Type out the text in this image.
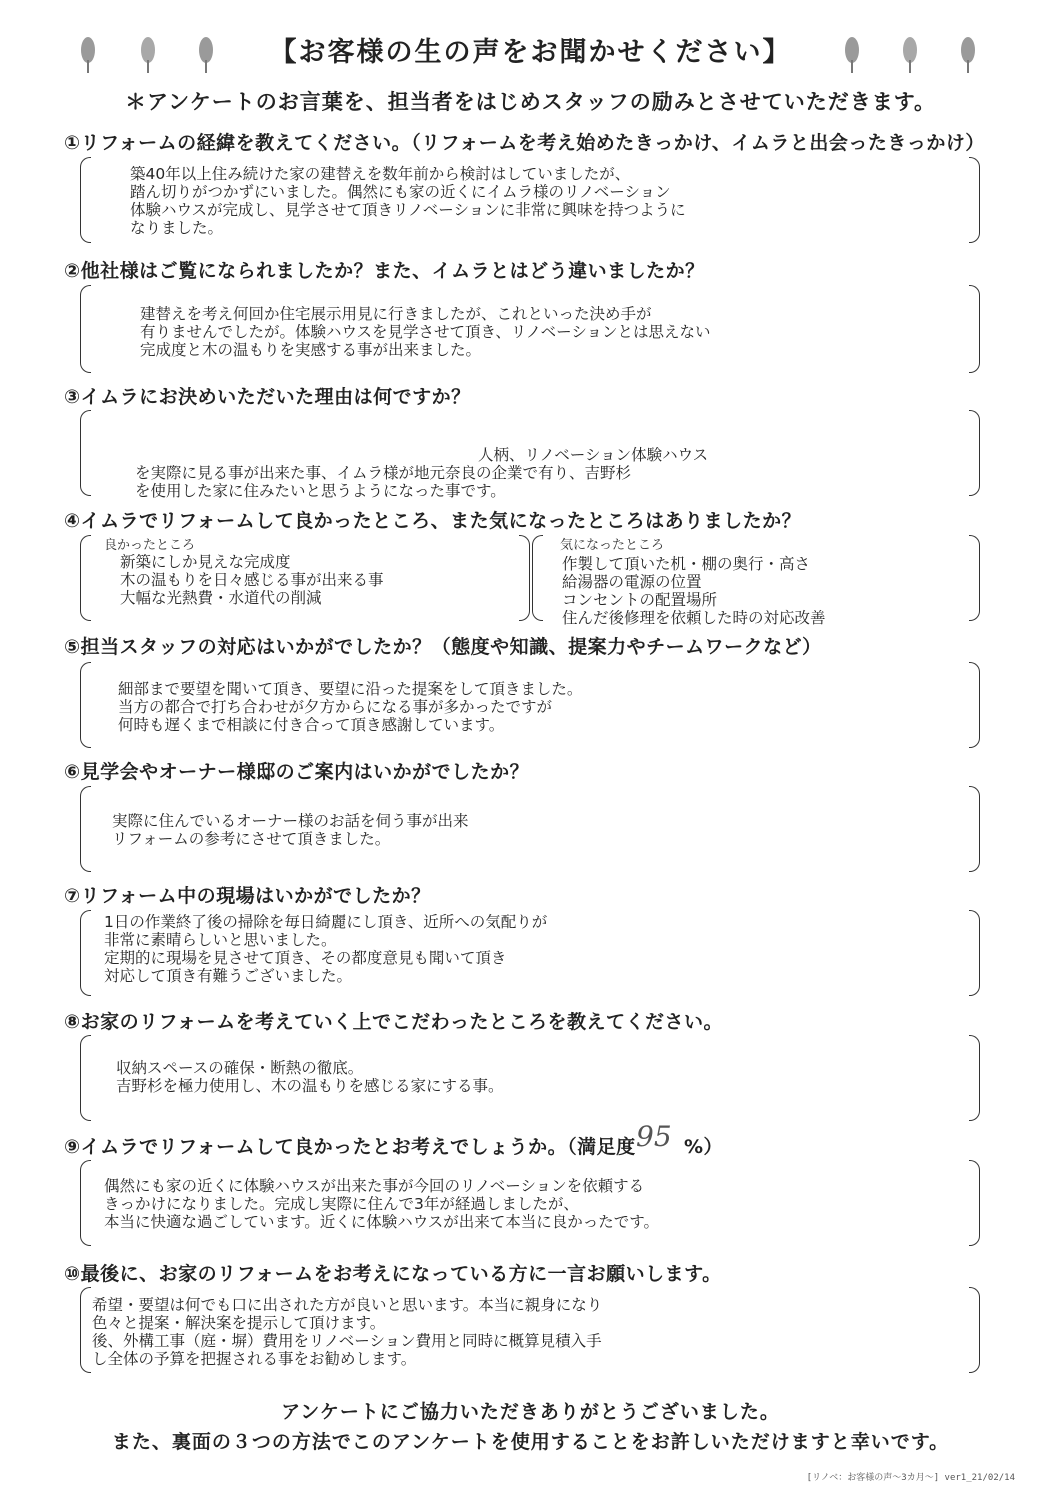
【お客様の生の声をお聞かせください】
＊アンケートのお言葉を、担当者をはじめスタッフの励みとさせていただきます。
①リフォームの経緯を教えてください。（リフォームを考え始めたきっかけ、イムラと出会ったきっかけ）

築40年以上住み続けた家の建替えを数年前から検討はしていましたが、

踏ん切りがつかずにいました。偶然にも家の近くにイムラ様のリノベーション

体験ハウスが完成し、見学させて頂きリノベーションに非常に興味を持つように

なりました。

②他社様はご覧になられましたか？また、イムラとはどう違いましたか？

建替えを考え何回か住宅展示用見に行きましたが、これといった決め手が

有りませんでしたが。体験ハウスを見学させて頂き、リノベーションとは思えない

完成度と木の温もりを実感する事が出来ました。

③イムラにお決めいただいた理由は何ですか？
人柄、リノベーション体験ハウス

を実際に見る事が出来た事、イムラ様が地元奈良の企業で有り、吉野杉

を使用した家に住みたいと思うようになった事です。

④イムラでリフォームして良かったところ、また気になったところはありましたか？
良かったところ

新築にしか見えな完成度

木の温もりを日々感じる事が出来る事

大幅な光熱費・水道代の削減

気になったところ

作製して頂いた机・棚の奥行・高さ

給湯器の電源の位置

コンセントの配置場所

住んだ後修理を依頼した時の対応改善

⑤担当スタッフの対応はいかがでしたか？（態度や知識、提案力やチームワークなど）

細部まで要望を聞いて頂き、要望に沿った提案をして頂きました。

当方の都合で打ち合わせが夕方からになる事が多かったですが

何時も遅くまで相談に付き合って頂き感謝しています。

⑥見学会やオーナー様邸のご案内はいかがでしたか？

実際に住んでいるオーナー様のお話を伺う事が出来

リフォームの参考にさせて頂きました。

⑦リフォーム中の現場はいかがでしたか？

1日の作業終了後の掃除を毎日綺麗にし頂き、近所への気配りが

非常に素晴らしいと思いました。

定期的に現場を見させて頂き、その都度意見も聞いて頂き

対応して頂き有難うございました。

⑧お家のリフォームを考えていく上でこだわったところを教えてください。

収納スペースの確保・断熱の徹底。

吉野杉を極力使用し、木の温もりを感じる家にする事。

⑨イムラでリフォームして良かったとお考えでしょうか。（満足度 95 %）

偶然にも家の近くに体験ハウスが出来た事が今回のリノベーションを依頼する

きっかけになりました。完成し実際に住んで3年が経過しましたが、

本当に快適な過ごしています。近くに体験ハウスが出来て本当に良かったです。

⑩最後に、お家のリフォームをお考えになっている方に一言お願いします。

希望・要望は何でも口に出された方が良いと思います。本当に親身になり

色々と提案・解決案を提示して頂けます。

後、外構工事（庭・塀）費用をリノベーション費用と同時に概算見積入手

し全体の予算を把握される事をお勧めします。

アンケートにご協力いただきありがとうございました。
また、裏面の３つの方法でこのアンケートを使用することをお許しいただけますと幸いです。
[リノベ：お客様の声～3カ月～] ver1_21/02/14
